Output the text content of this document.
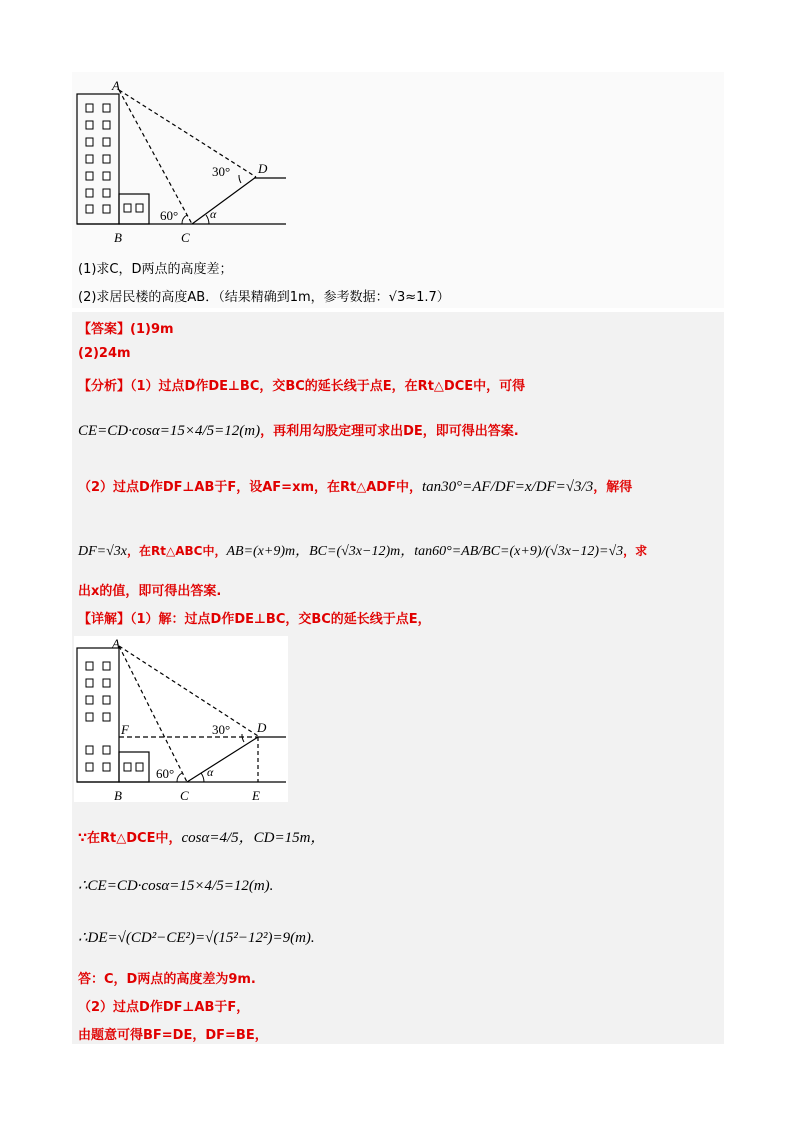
A
B	C
D
30°
60°	α
(1)求C，D两点的高度差；
(2)求居民楼的高度AB．（结果精确到1m，参考数据：√3≈1.7）
【答案】(1)9m
(2)24m
【分析】（1）过点D作DE⊥BC，交BC的延长线于点E，在Rt△DCE中，可得
CE=CD·cosα=15×4/5=12(m)，再利用勾股定理可求出DE，即可得出答案.
（2）过点D作DF⊥AB于F，设AF=xm，在Rt△ADF中，tan30°=AF/DF=x/DF=√3/3，解得
DF=√3x，在Rt△ABC中，AB=(x+9)m，BC=(√3x−12)m，tan60°=AB/BC=(x+9)/(√3x−12)=√3，求
出x的值，即可得出答案.
【详解】（1）解：过点D作DE⊥BC，交BC的延长线于点E，
A
B	C
D
E
F	30°
60°	α
∵在Rt△DCE中，cosα=4/5，CD=15m，
∴CE=CD·cosα=15×4/5=12(m).
∴DE=√(CD²−CE²)=√(15²−12²)=9(m).
答：C，D两点的高度差为9m.
（2）过点D作DF⊥AB于F，
由题意可得BF=DE，DF=BE，
